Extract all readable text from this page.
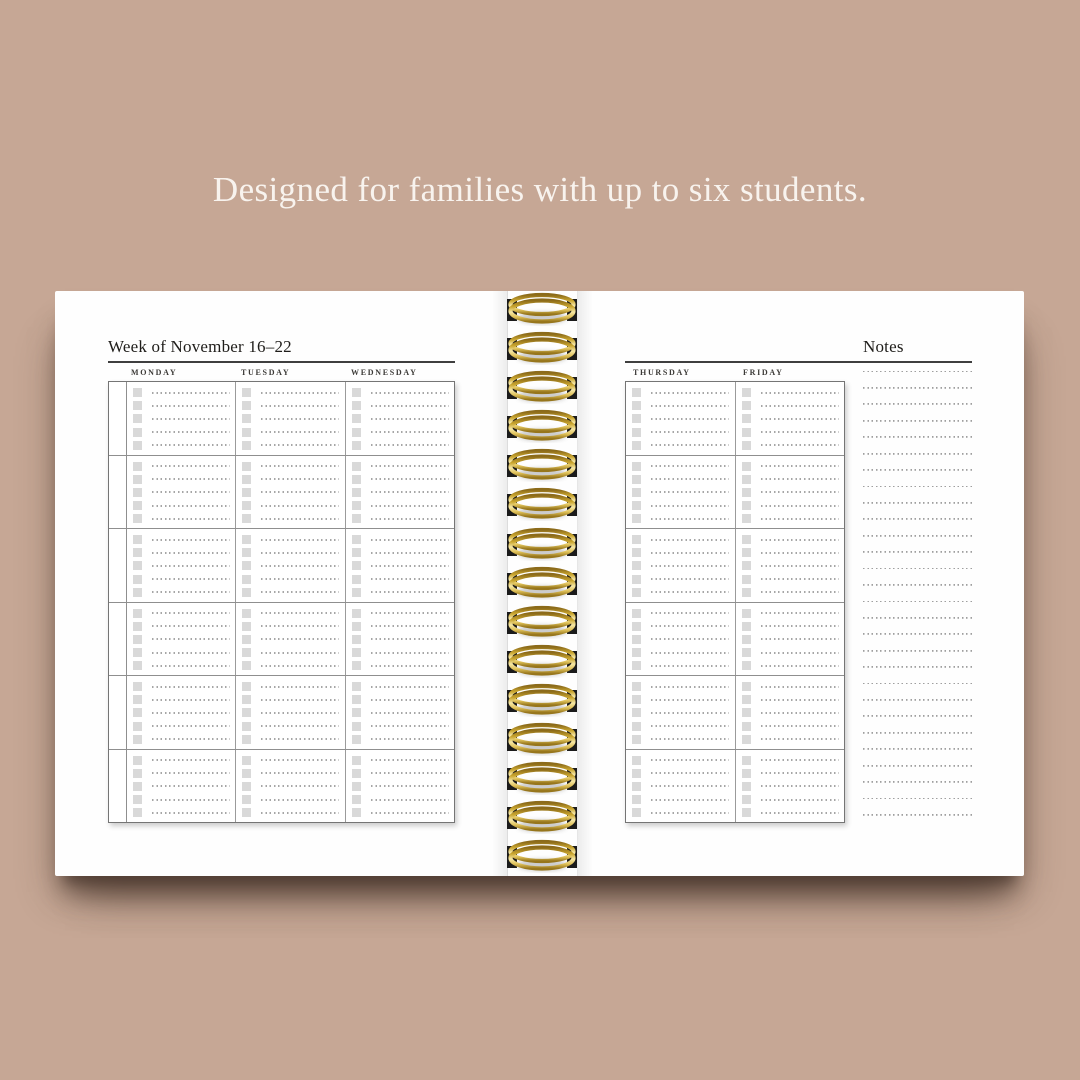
Designed for families with up to six students.
Week of November 16–22	Notes
MONDAY	TUESDAY	WEDNESDAY	THURSDAY	FRIDAY
